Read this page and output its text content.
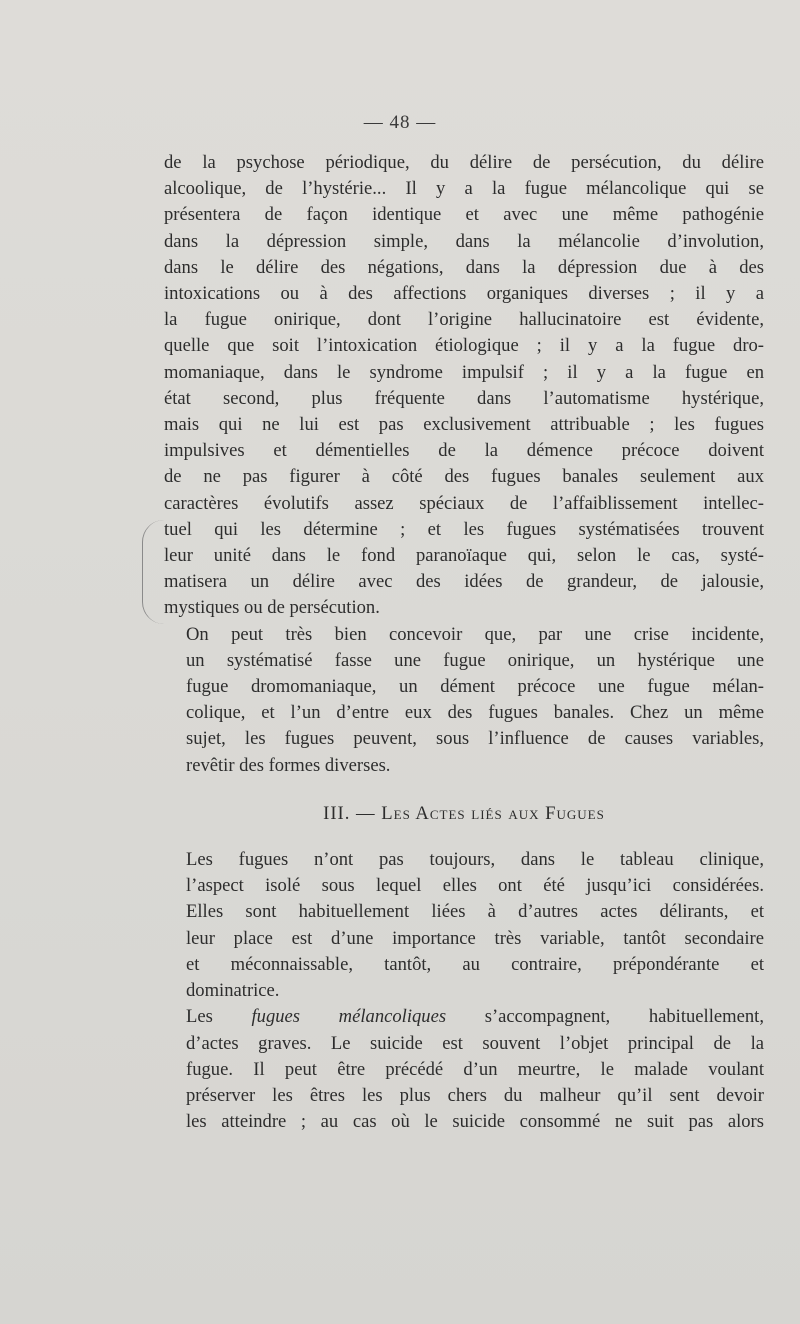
— 48 —

de la psychose périodique, du délire de persécution, du délire
alcoolique, de l’hystérie... Il y a la fugue mélancolique qui se
présentera de façon identique et avec une même pathogénie
dans la dépression simple, dans la mélancolie d’involution,
dans le délire des négations, dans la dépression due à des
intoxications ou à des affections organiques diverses ; il y a
la fugue onirique, dont l’origine hallucinatoire est évidente,
quelle que soit l’intoxication étiologique ; il y a la fugue dro-
momaniaque, dans le syndrome impulsif ; il y a la fugue en
état second, plus fréquente dans l’automatisme hystérique,
mais qui ne lui est pas exclusivement attribuable ; les fugues
impulsives et démentielles de la démence précoce doivent
de ne pas figurer à côté des fugues banales seulement aux
caractères évolutifs assez spéciaux de l’affaiblissement intellec-
tuel qui les détermine ; et les fugues systématisées trouvent
leur unité dans le fond paranoïaque qui, selon le cas, systé-
matisera un délire avec des idées de grandeur, de jalousie,
mystiques ou de persécution.

On peut très bien concevoir que, par une crise incidente,
un systématisé fasse une fugue onirique, un hystérique une
fugue dromomaniaque, un dément précoce une fugue mélan-
colique, et l’un d’entre eux des fugues banales. Chez un même
sujet, les fugues peuvent, sous l’influence de causes variables,
revêtir des formes diverses.

III. — Les Actes liés aux Fugues

Les fugues n’ont pas toujours, dans le tableau clinique,
l’aspect isolé sous lequel elles ont été jusqu’ici considérées.
Elles sont habituellement liées à d’autres actes délirants, et
leur place est d’une importance très variable, tantôt secondaire
et méconnaissable, tantôt, au contraire, prépondérante et
dominatrice.

Les fugues mélancoliques s’accompagnent, habituellement,
d’actes graves. Le suicide est souvent l’objet principal de la
fugue. Il peut être précédé d’un meurtre, le malade voulant
préserver les êtres les plus chers du malheur qu’il sent devoir
les atteindre ; au cas où le suicide consommé ne suit pas alors
